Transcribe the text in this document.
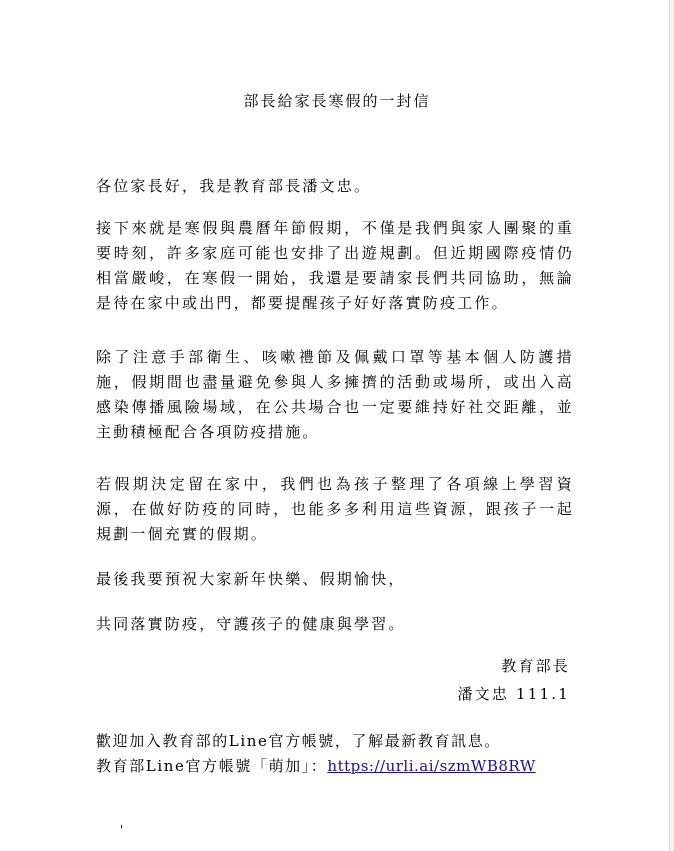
部長給家長寒假的一封信

各位家長好，我是教育部長潘文忠。

接下來就是寒假與農曆年節假期，不僅是我們與家人團聚的重要時刻，許多家庭可能也安排了出遊規劃。但近期國際疫情仍相當嚴峻，在寒假一開始，我還是要請家長們共同協助，無論是待在家中或出門，都要提醒孩子好好落實防疫工作。

除了注意手部衛生、咳嗽禮節及佩戴口罩等基本個人防護措施，假期間也盡量避免參與人多擁擠的活動或場所，或出入高感染傳播風險場域，在公共場合也一定要維持好社交距離，並主動積極配合各項防疫措施。

若假期決定留在家中，我們也為孩子整理了各項線上學習資源，在做好防疫的同時，也能多多利用這些資源，跟孩子一起規劃一個充實的假期。

最後我要預祝大家新年快樂、假期愉快，

共同落實防疫，守護孩子的健康與學習。

教育部長
潘文忠 111.1
歡迎加入教育部的Line官方帳號，了解最新教育訊息。
教育部Line官方帳號「萌加」：https://urli.ai/szmWB8RW
'
